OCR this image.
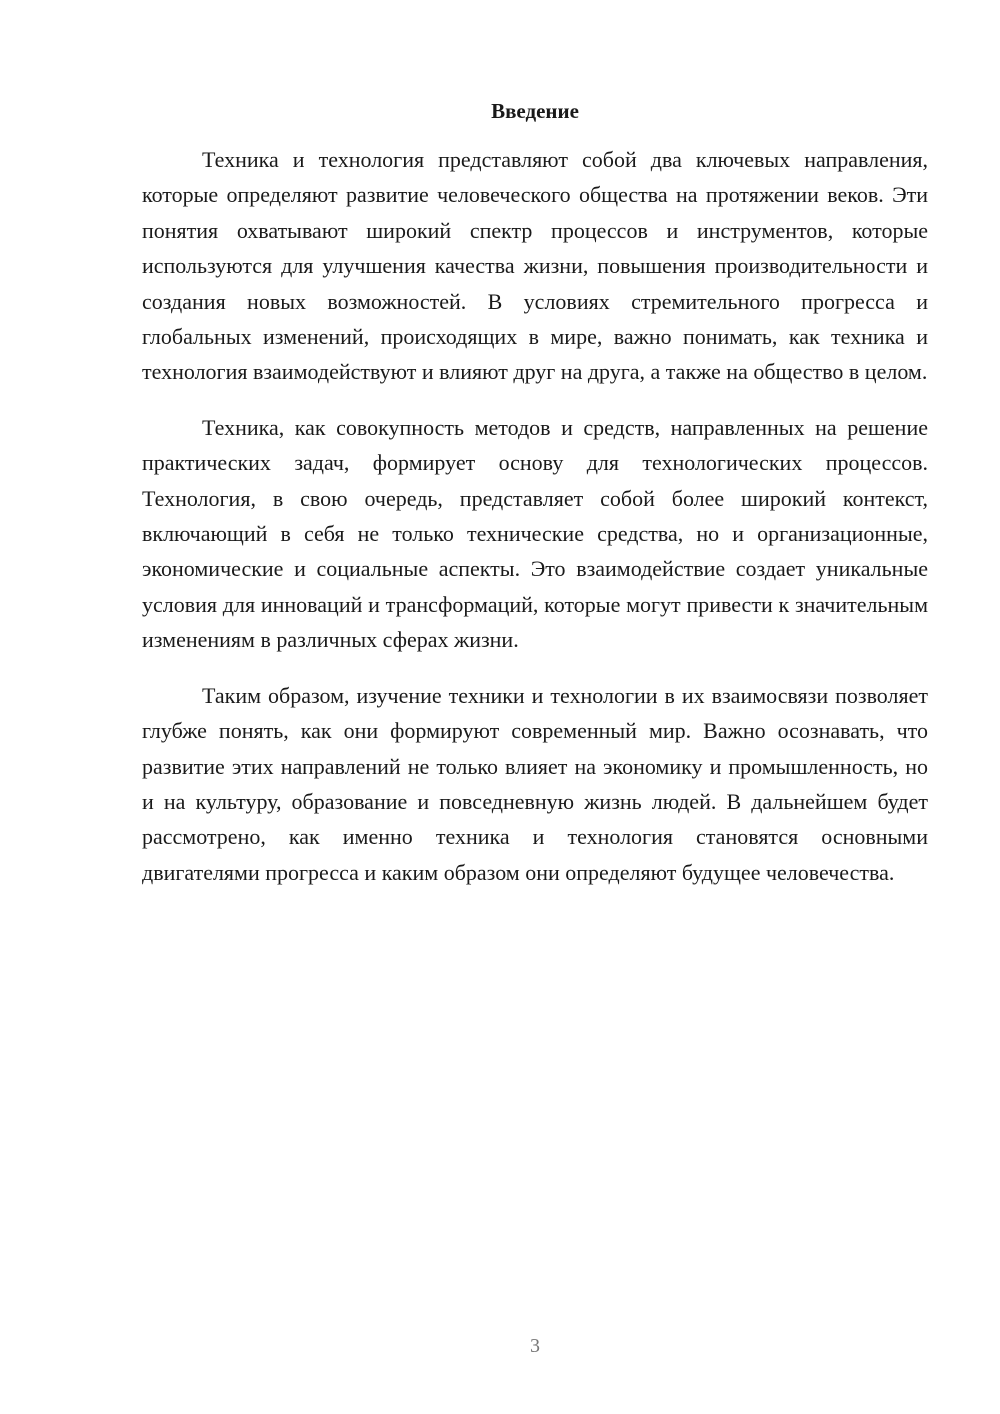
Введение

Техника и технология представляют собой два ключевых направления, которые определяют развитие человеческого общества на протяжении веков. Эти понятия охватывают широкий спектр процессов и инструментов, которые используются для улучшения качества жизни, повышения производительности и создания новых возможностей. В условиях стремительного прогресса и глобальных изменений, происходящих в мире, важно понимать, как техника и технология взаимодействуют и влияют друг на друга, а также на общество в целом.

Техника, как совокупность методов и средств, направленных на решение практических задач, формирует основу для технологических процессов. Технология, в свою очередь, представляет собой более широкий контекст, включающий в себя не только технические средства, но и организационные, экономические и социальные аспекты. Это взаимодействие создает уникальные условия для инноваций и трансформаций, которые могут привести к значительным изменениям в различных сферах жизни.

Таким образом, изучение техники и технологии в их взаимосвязи позволяет глубже понять, как они формируют современный мир. Важно осознавать, что развитие этих направлений не только влияет на экономику и промышленность, но и на культуру, образование и повседневную жизнь людей. В дальнейшем будет рассмотрено, как именно техника и технология становятся основными двигателями прогресса и каким образом они определяют будущее человечества.

3
